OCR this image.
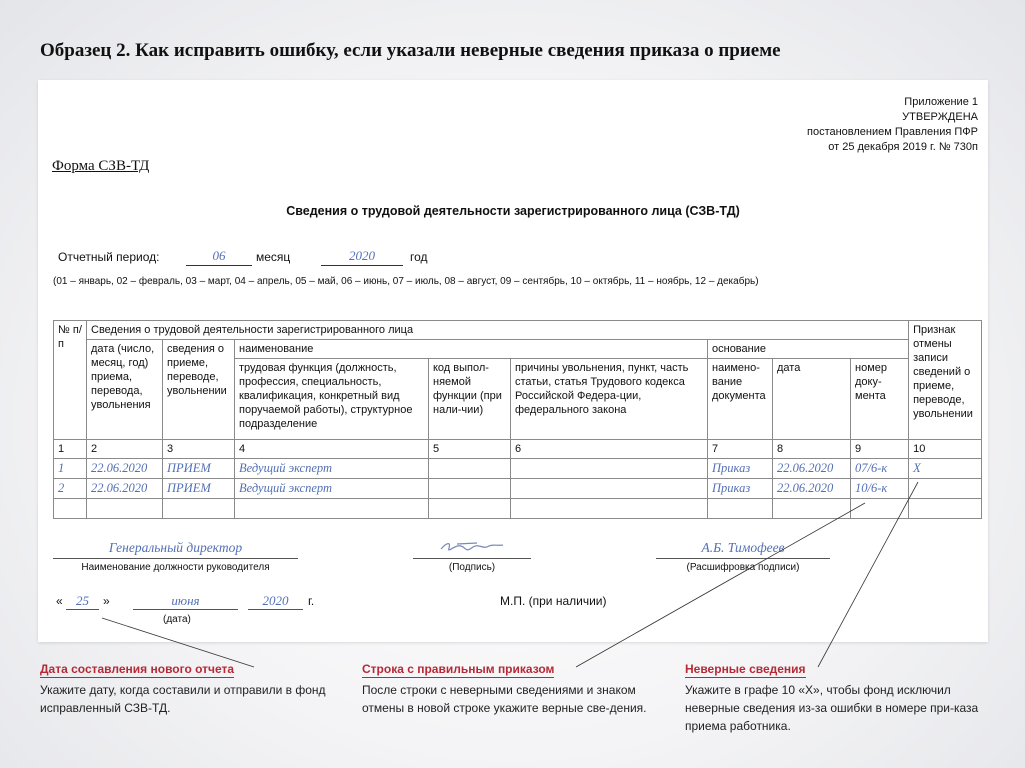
Образец 2. Как исправить ошибку, если указали неверные сведения приказа о приеме
Приложение 1
УТВЕРЖДЕНА
постановлением Правления ПФР
от 25 декабря 2019 г. № 730п
Форма СЗВ-ТД
Сведения о трудовой деятельности зарегистрированного лица (СЗВ-ТД)
Отчетный период:	06	месяц	2020	год
(01 – январь, 02 – февраль, 03 – март, 04 – апрель, 05 – май, 06 – июнь, 07 – июль, 08 – август, 09 – сентябрь, 10 – октябрь, 11 – ноябрь, 12 – декабрь)
№ п/п	Сведения о трудовой деятельности зарегистрированного лица								Признак отмены записи сведений о приеме, переводе, увольнении
	дата (число, месяц, год) приема, перевода, увольнения	сведения о приеме, переводе, увольнении	наименование			основание			
			трудовая функция (должность, профессия, специальность, квалификация, конкретный вид поручаемой работы), структурное подразделение	код выпол-няемой функции (при нали-чии)	причины увольнения, пункт, часть статьи, статья Трудового кодекса Российской Федера-ции, федерального закона	наимено-вание документа	дата	номер доку-мента	
1	2	3	4	5	6	7	8	9	10
1	22.06.2020	ПРИЕМ	Ведущий эксперт			Приказ	22.06.2020	07/6-к	X
2	22.06.2020	ПРИЕМ	Ведущий эксперт			Приказ	22.06.2020	10/6-к	

Генеральный директор
Наименование должности руководителя	(Подпись)
А.Б. Тимофеев
(Расшифровка подписи)
«	25	»	июня	2020	г.
(дата)
М.П. (при наличии)
Дата составления нового отчета
Укажите дату, когда составили и отправили в фонд исправленный СЗВ-ТД.
Строка с правильным приказом
После строки с неверными сведениями и знаком отмены в новой строке укажите верные све-дения.
Неверные сведения
Укажите в графе 10 «Х», чтобы фонд исключил неверные сведения из-за ошибки в номере при-каза приема работника.
